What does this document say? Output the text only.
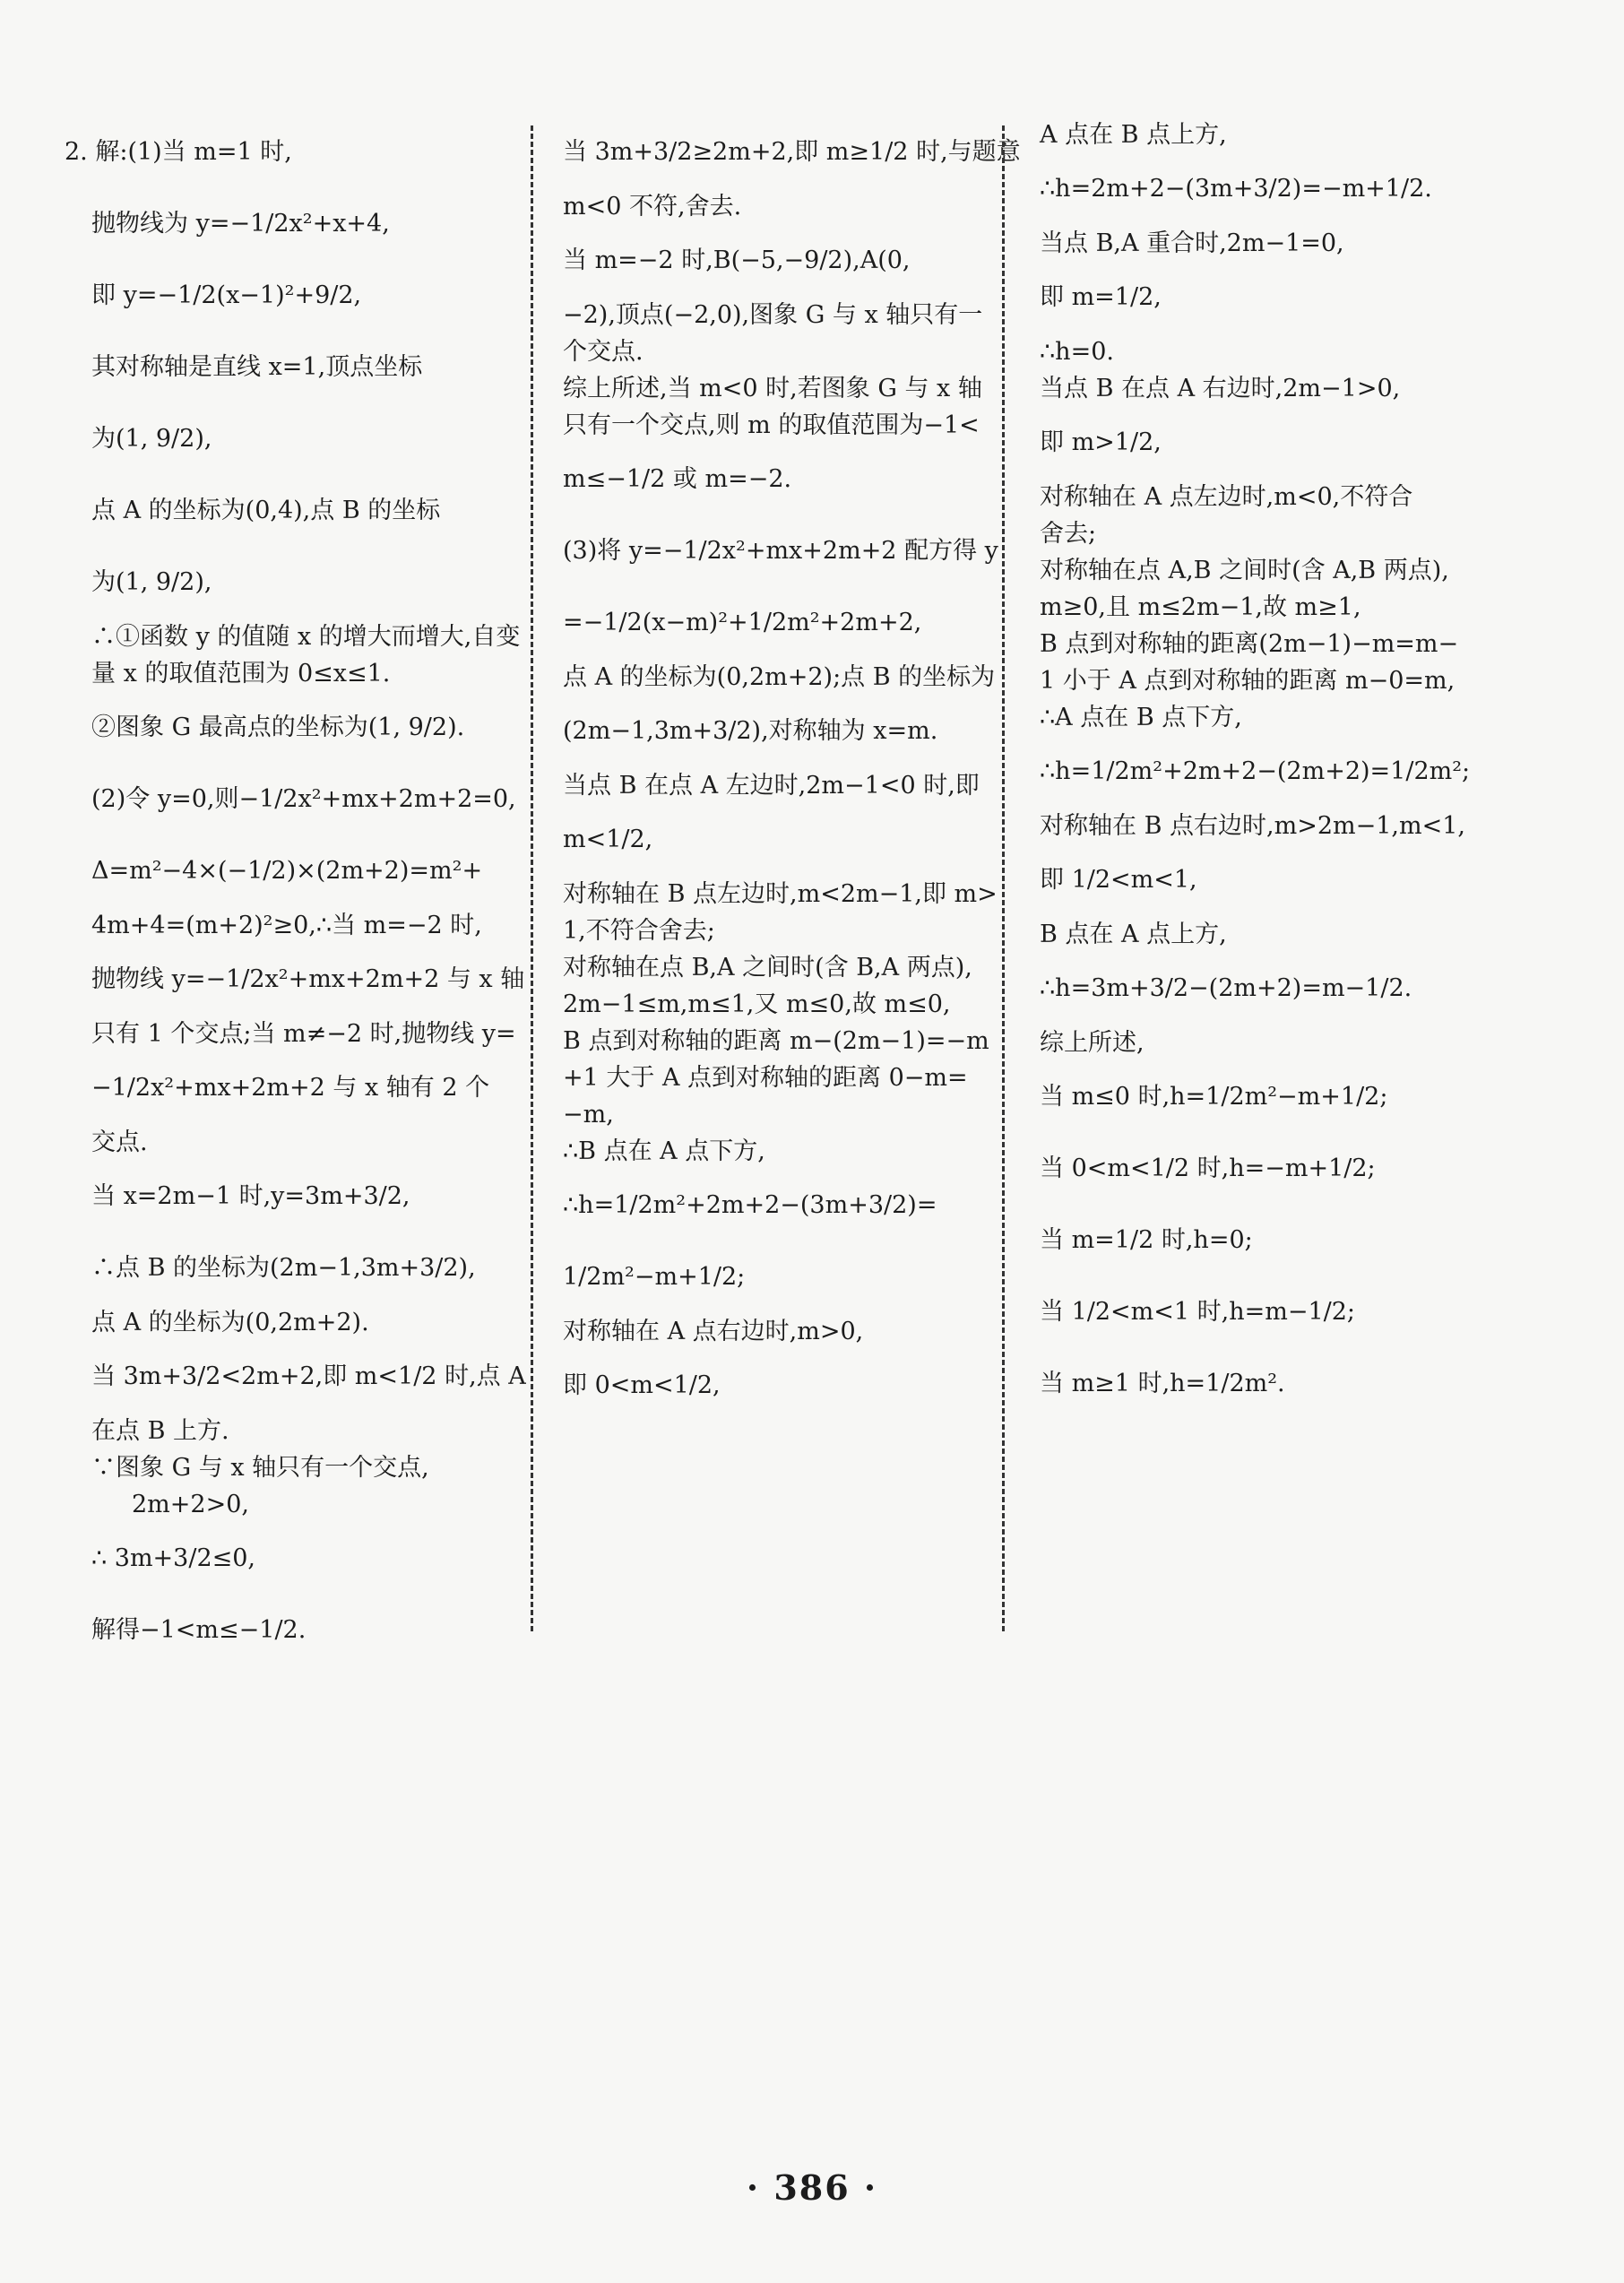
2. 解:(1)当 m=1 时,

抛物线为 y=−1/2x²+x+4,

即 y=−1/2(x−1)²+9/2,

其对称轴是直线 x=1,顶点坐标

为(1, 9/2),

点 A 的坐标为(0,4),点 B 的坐标

为(1, 9/2),

∴①函数 y 的值随 x 的增大而增大,自变

量 x 的取值范围为 0≤x≤1.

②图象 G 最高点的坐标为(1, 9/2).

(2)令 y=0,则−1/2x²+mx+2m+2=0,

Δ=m²−4×(−1/2)×(2m+2)=m²+

4m+4=(m+2)²≥0,∴当 m=−2 时,

抛物线 y=−1/2x²+mx+2m+2 与 x 轴

只有 1 个交点;当 m≠−2 时,抛物线 y=

−1/2x²+mx+2m+2 与 x 轴有 2 个

交点.

当 x=2m−1 时,y=3m+3/2,

∴点 B 的坐标为(2m−1,3m+3/2),

点 A 的坐标为(0,2m+2).

当 3m+3/2<2m+2,即 m<1/2 时,点 A

在点 B 上方.

∵图象 G 与 x 轴只有一个交点,

2m+2>0,

∴ 3m+3/2≤0,

解得−1<m≤−1/2.

当 3m+3/2≥2m+2,即 m≥1/2 时,与题意

m<0 不符,舍去.

当 m=−2 时,B(−5,−9/2),A(0,

−2),顶点(−2,0),图象 G 与 x 轴只有一

个交点.

综上所述,当 m<0 时,若图象 G 与 x 轴

只有一个交点,则 m 的取值范围为−1<

m≤−1/2 或 m=−2.

(3)将 y=−1/2x²+mx+2m+2 配方得 y

=−1/2(x−m)²+1/2m²+2m+2,

点 A 的坐标为(0,2m+2);点 B 的坐标为

(2m−1,3m+3/2),对称轴为 x=m.

当点 B 在点 A 左边时,2m−1<0 时,即

m<1/2,

对称轴在 B 点左边时,m<2m−1,即 m>

1,不符合舍去;

对称轴在点 B,A 之间时(含 B,A 两点),

2m−1≤m,m≤1,又 m≤0,故 m≤0,

B 点到对称轴的距离 m−(2m−1)=−m

+1 大于 A 点到对称轴的距离 0−m=

−m,

∴B 点在 A 点下方,

∴h=1/2m²+2m+2−(3m+3/2)=

1/2m²−m+1/2;

对称轴在 A 点右边时,m>0,

即 0<m<1/2,

A 点在 B 点上方,

∴h=2m+2−(3m+3/2)=−m+1/2.

当点 B,A 重合时,2m−1=0,

即 m=1/2,

∴h=0.

当点 B 在点 A 右边时,2m−1>0,

即 m>1/2,

对称轴在 A 点左边时,m<0,不符合

舍去;

对称轴在点 A,B 之间时(含 A,B 两点),

m≥0,且 m≤2m−1,故 m≥1,

B 点到对称轴的距离(2m−1)−m=m−

1 小于 A 点到对称轴的距离 m−0=m,

∴A 点在 B 点下方,

∴h=1/2m²+2m+2−(2m+2)=1/2m²;

对称轴在 B 点右边时,m>2m−1,m<1,

即 1/2<m<1,

B 点在 A 点上方,

∴h=3m+3/2−(2m+2)=m−1/2.

综上所述,

当 m≤0 时,h=1/2m²−m+1/2;

当 0<m<1/2 时,h=−m+1/2;

当 m=1/2 时,h=0;

当 1/2<m<1 时,h=m−1/2;

当 m≥1 时,h=1/2m².

· 386 ·
